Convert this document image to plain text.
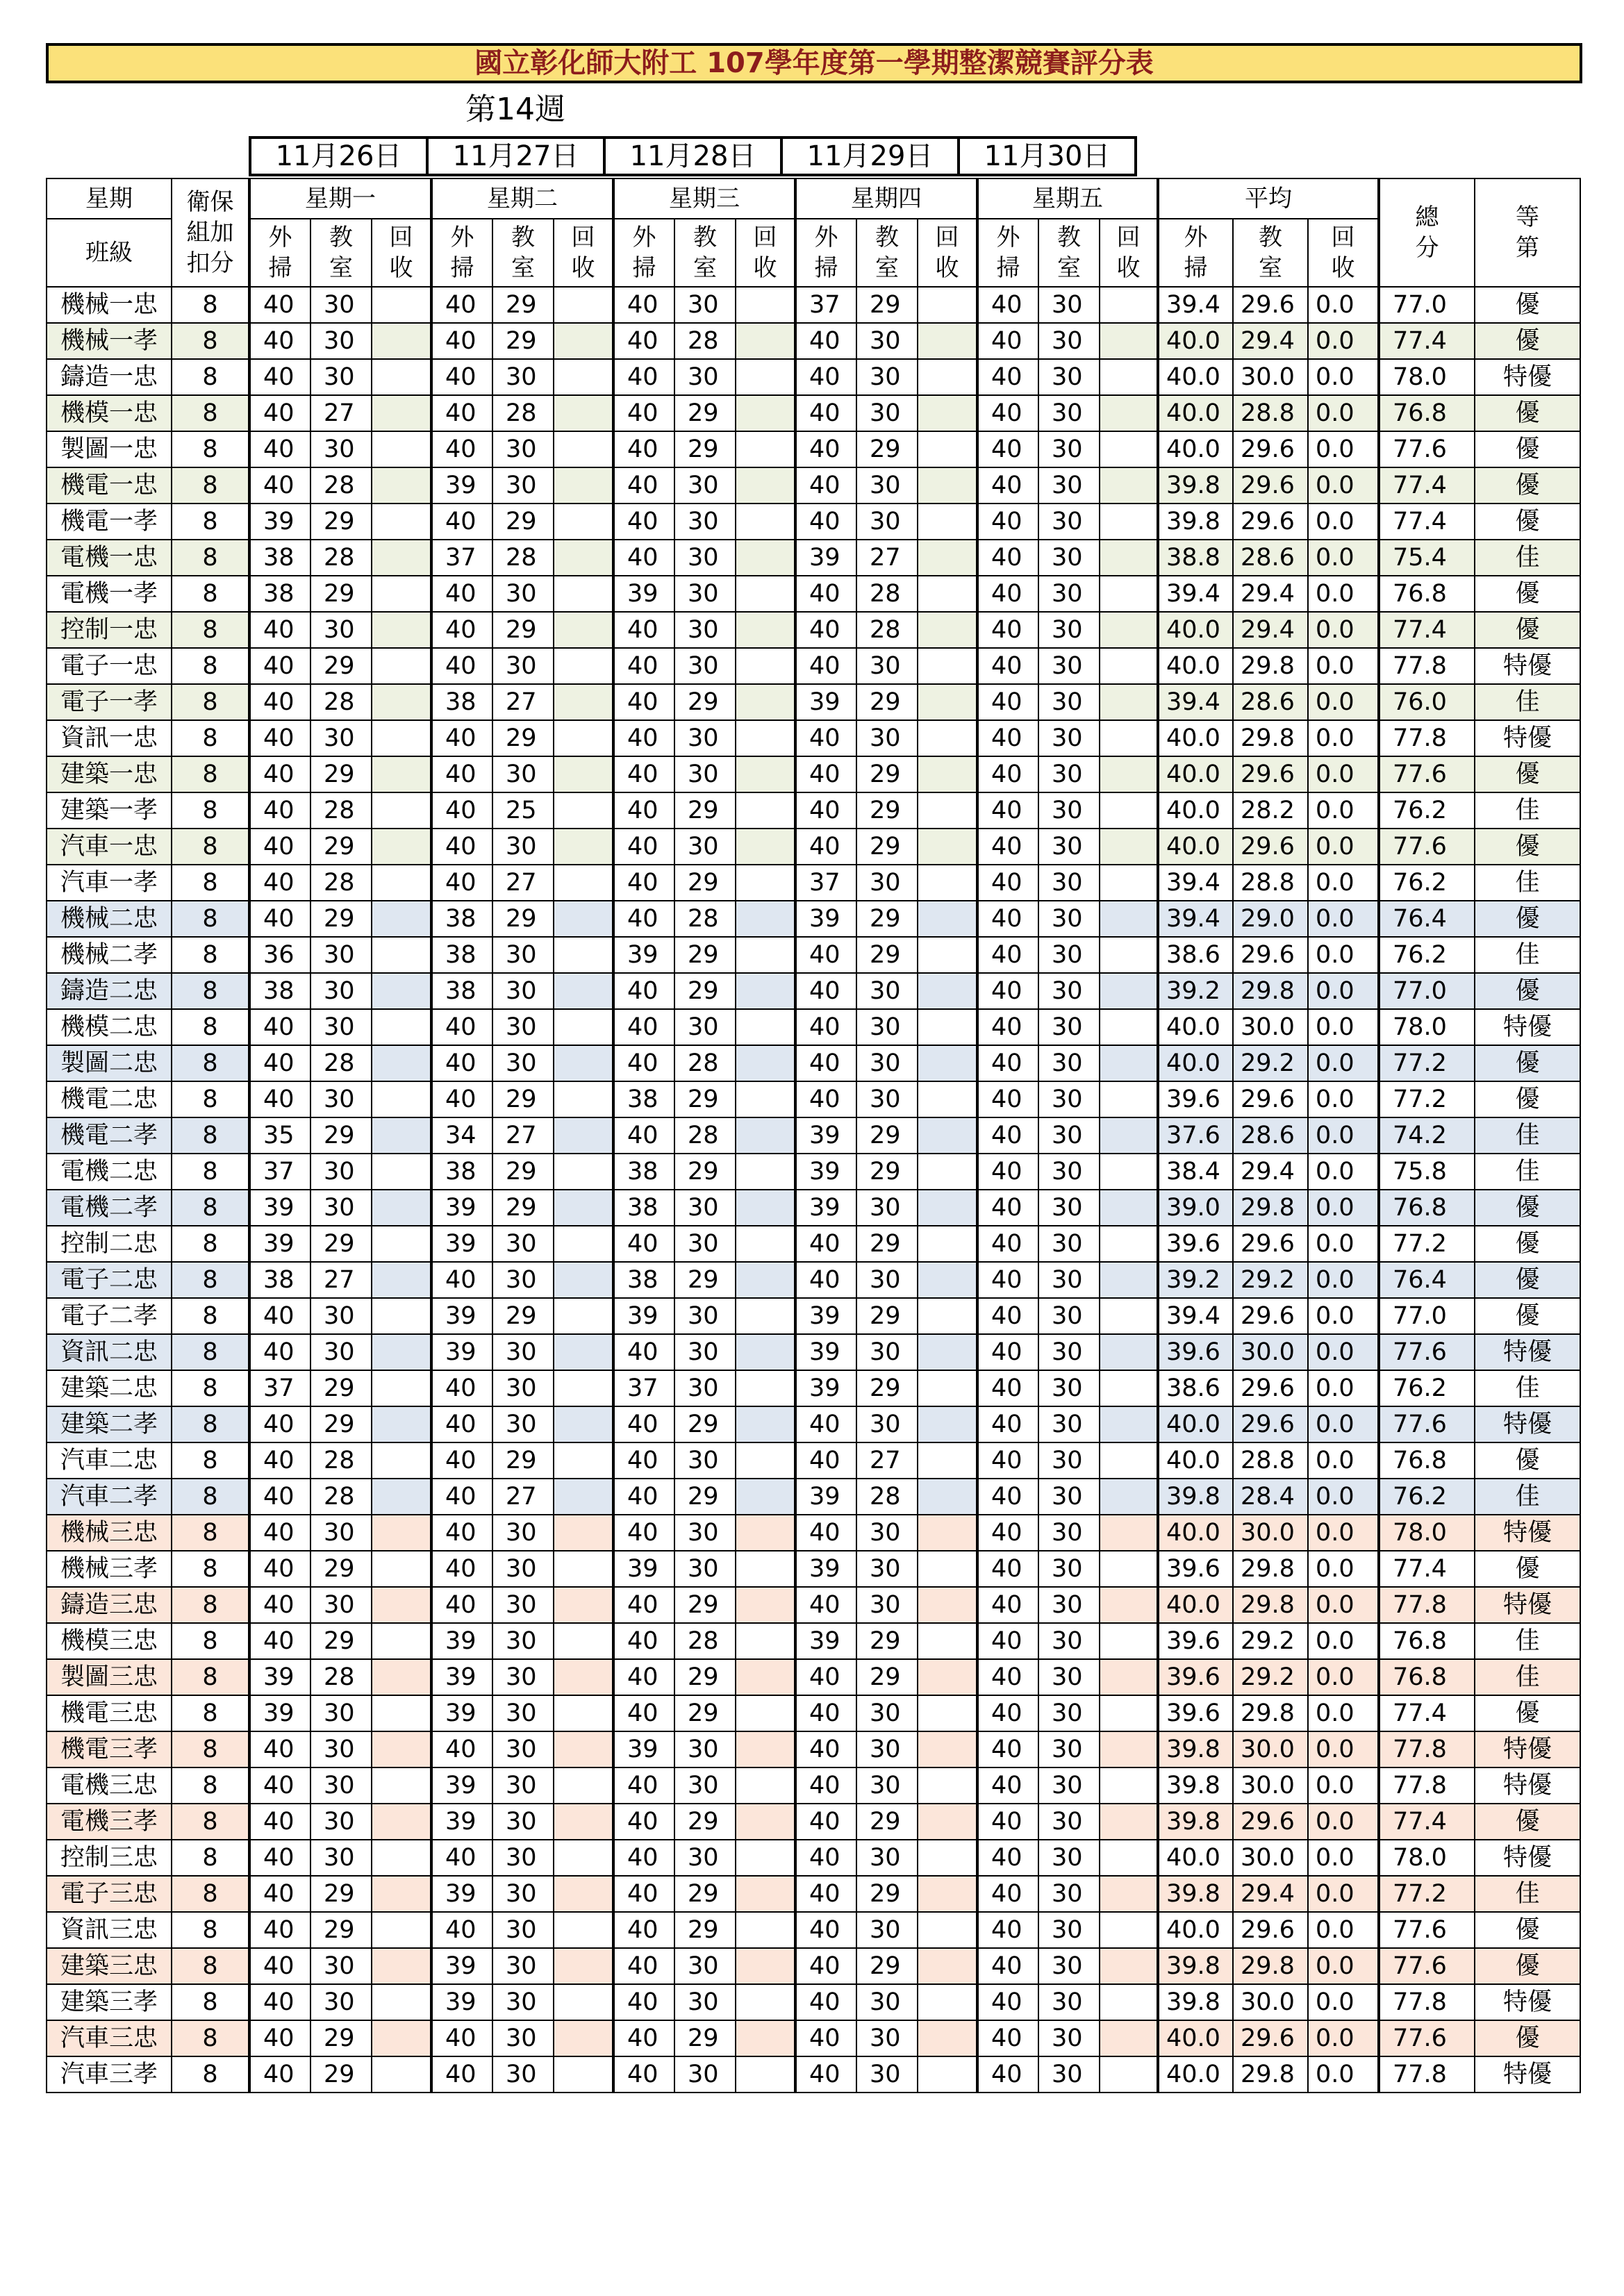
國立彰化師大附工 107學年度第一學期整潔競賽評分表
第14週
11月26日	11月27日	11月28日	11月29日	11月30日
星期	衛保組加扣分	星期一			星期二			星期三			星期四			星期五			平均			總分	等第
班級		外掃	教室	回收	外掃	教室	回收	外掃	教室	回收	外掃	教室	回收	外掃	教室	回收	外掃	教室	回收		

機械一忠	8	40	30		40	29		40	30		37	29		40	30		39.4	29.6	0.0	77.0	優
機械一孝	8	40	30		40	29		40	28		40	30		40	30		40.0	29.4	0.0	77.4	優
鑄造一忠	8	40	30		40	30		40	30		40	30		40	30		40.0	30.0	0.0	78.0	特優
機模一忠	8	40	27		40	28		40	29		40	30		40	30		40.0	28.8	0.0	76.8	優
製圖一忠	8	40	30		40	30		40	29		40	29		40	30		40.0	29.6	0.0	77.6	優
機電一忠	8	40	28		39	30		40	30		40	30		40	30		39.8	29.6	0.0	77.4	優
機電一孝	8	39	29		40	29		40	30		40	30		40	30		39.8	29.6	0.0	77.4	優
電機一忠	8	38	28		37	28		40	30		39	27		40	30		38.8	28.6	0.0	75.4	佳
電機一孝	8	38	29		40	30		39	30		40	28		40	30		39.4	29.4	0.0	76.8	優
控制一忠	8	40	30		40	29		40	30		40	28		40	30		40.0	29.4	0.0	77.4	優
電子一忠	8	40	29		40	30		40	30		40	30		40	30		40.0	29.8	0.0	77.8	特優
電子一孝	8	40	28		38	27		40	29		39	29		40	30		39.4	28.6	0.0	76.0	佳
資訊一忠	8	40	30		40	29		40	30		40	30		40	30		40.0	29.8	0.0	77.8	特優
建築一忠	8	40	29		40	30		40	30		40	29		40	30		40.0	29.6	0.0	77.6	優
建築一孝	8	40	28		40	25		40	29		40	29		40	30		40.0	28.2	0.0	76.2	佳
汽車一忠	8	40	29		40	30		40	30		40	29		40	30		40.0	29.6	0.0	77.6	優
汽車一孝	8	40	28		40	27		40	29		37	30		40	30		39.4	28.8	0.0	76.2	佳
機械二忠	8	40	29		38	29		40	28		39	29		40	30		39.4	29.0	0.0	76.4	優
機械二孝	8	36	30		38	30		39	29		40	29		40	30		38.6	29.6	0.0	76.2	佳
鑄造二忠	8	38	30		38	30		40	29		40	30		40	30		39.2	29.8	0.0	77.0	優
機模二忠	8	40	30		40	30		40	30		40	30		40	30		40.0	30.0	0.0	78.0	特優
製圖二忠	8	40	28		40	30		40	28		40	30		40	30		40.0	29.2	0.0	77.2	優
機電二忠	8	40	30		40	29		38	29		40	30		40	30		39.6	29.6	0.0	77.2	優
機電二孝	8	35	29		34	27		40	28		39	29		40	30		37.6	28.6	0.0	74.2	佳
電機二忠	8	37	30		38	29		38	29		39	29		40	30		38.4	29.4	0.0	75.8	佳
電機二孝	8	39	30		39	29		38	30		39	30		40	30		39.0	29.8	0.0	76.8	優
控制二忠	8	39	29		39	30		40	30		40	29		40	30		39.6	29.6	0.0	77.2	優
電子二忠	8	38	27		40	30		38	29		40	30		40	30		39.2	29.2	0.0	76.4	優
電子二孝	8	40	30		39	29		39	30		39	29		40	30		39.4	29.6	0.0	77.0	優
資訊二忠	8	40	30		39	30		40	30		39	30		40	30		39.6	30.0	0.0	77.6	特優
建築二忠	8	37	29		40	30		37	30		39	29		40	30		38.6	29.6	0.0	76.2	佳
建築二孝	8	40	29		40	30		40	29		40	30		40	30		40.0	29.6	0.0	77.6	特優
汽車二忠	8	40	28		40	29		40	30		40	27		40	30		40.0	28.8	0.0	76.8	優
汽車二孝	8	40	28		40	27		40	29		39	28		40	30		39.8	28.4	0.0	76.2	佳
機械三忠	8	40	30		40	30		40	30		40	30		40	30		40.0	30.0	0.0	78.0	特優
機械三孝	8	40	29		40	30		39	30		39	30		40	30		39.6	29.8	0.0	77.4	優
鑄造三忠	8	40	30		40	30		40	29		40	30		40	30		40.0	29.8	0.0	77.8	特優
機模三忠	8	40	29		39	30		40	28		39	29		40	30		39.6	29.2	0.0	76.8	佳
製圖三忠	8	39	28		39	30		40	29		40	29		40	30		39.6	29.2	0.0	76.8	佳
機電三忠	8	39	30		39	30		40	29		40	30		40	30		39.6	29.8	0.0	77.4	優
機電三孝	8	40	30		40	30		39	30		40	30		40	30		39.8	30.0	0.0	77.8	特優
電機三忠	8	40	30		39	30		40	30		40	30		40	30		39.8	30.0	0.0	77.8	特優
電機三孝	8	40	30		39	30		40	29		40	29		40	30		39.8	29.6	0.0	77.4	優
控制三忠	8	40	30		40	30		40	30		40	30		40	30		40.0	30.0	0.0	78.0	特優
電子三忠	8	40	29		39	30		40	29		40	29		40	30		39.8	29.4	0.0	77.2	佳
資訊三忠	8	40	29		40	30		40	29		40	30		40	30		40.0	29.6	0.0	77.6	優
建築三忠	8	40	30		39	30		40	30		40	29		40	30		39.8	29.8	0.0	77.6	優
建築三孝	8	40	30		39	30		40	30		40	30		40	30		39.8	30.0	0.0	77.8	特優
汽車三忠	8	40	29		40	30		40	29		40	30		40	30		40.0	29.6	0.0	77.6	優
汽車三孝	8	40	29		40	30		40	30		40	30		40	30		40.0	29.8	0.0	77.8	特優
